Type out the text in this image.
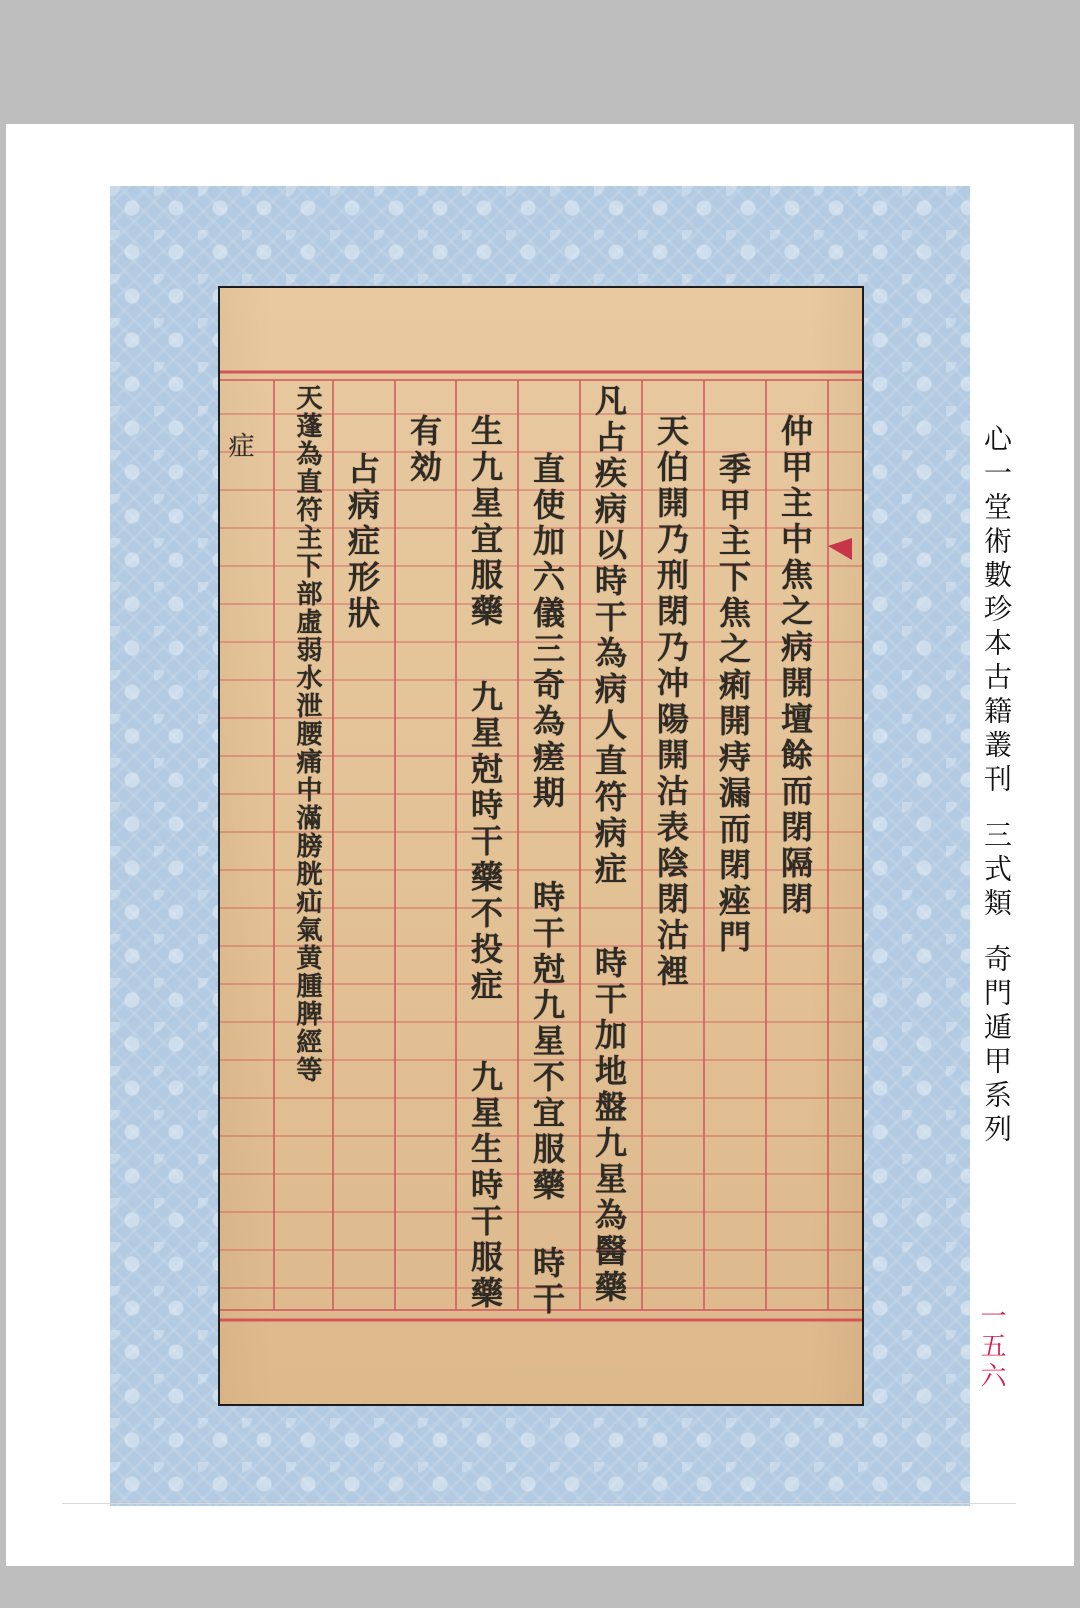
仲甲主中焦之病開壇餘而閉隔閉
季甲主下焦之痢開痔漏而閉痤門
天伯開乃刑閉乃冲陽開沽表陰閉沽裡
凡占疾病以時干為病人直符病症
直使加六儀三奇為瘥期
生九星宜服藥
九星尅時干藥不投症
有効
占病症形狀
天蓬為直符主下部虛弱水泄腰痛中滿膀胱疝氣黄腫脾經等
時干加地盤九星為醫藥
時干尅九星不宜服藥
九星生時干服藥 時干
症	心一堂術數珍本古籍叢刊三式類奇門遁甲系列
一五六
